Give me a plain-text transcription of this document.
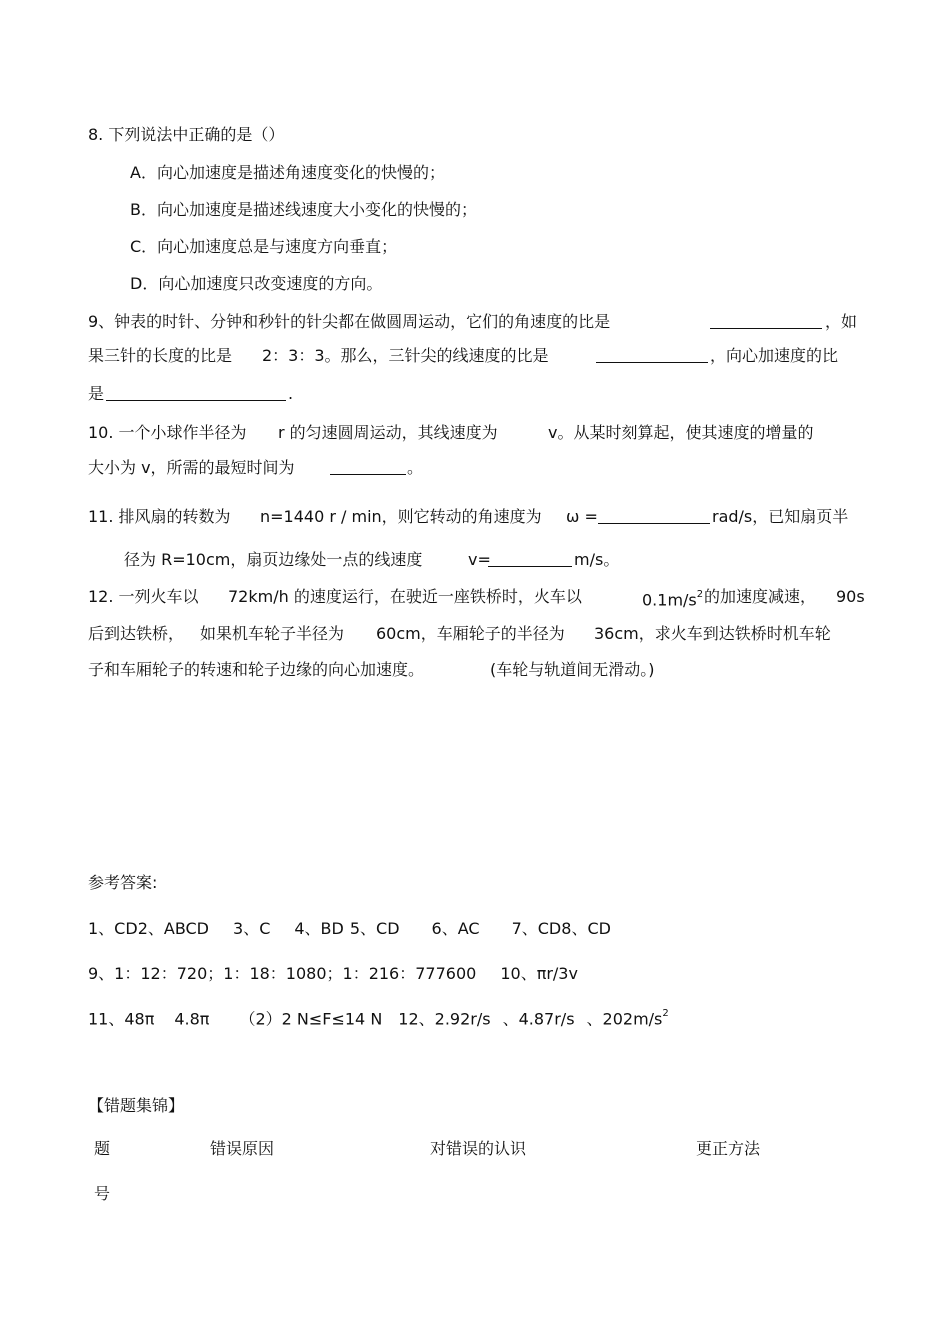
8. 下列说法中正确的是（）
A．向心加速度是描述角速度变化的快慢的；
B．向心加速度是描述线速度大小变化的快慢的；
C．向心加速度总是与速度方向垂直；
D．向心加速度只改变速度的方向。
9、钟表的时针、分钟和秒针的针尖都在做圆周运动，它们的角速度的比是	，如
果三针的长度的比是 2：3：3。那么，三针尖的线速度的比是	，向心加速度的比
是	.
10. 一个小球作半径为 r 的匀速圆周运动，其线速度为	v。从某时刻算起，使其速度的增量的
大小为 v，所需的最短时间为	。
11. 排风扇的转数为 n=1440 r / min，则它转动的角速度为 ω =	rad/s，已知扇页半
径为 R=10cm，扇页边缘处一点的线速度	v=	m/s。
12. 一列火车以 72km/h 的速度运行，在驶近一座铁桥时，火车以	$0.1m/s^2$ 的加速度减速， 90s
后到达铁桥， 如果机车轮子半径为 60cm，车厢轮子的半径为 36cm，求火车到达铁桥时机车轮
子和车厢轮子的转速和轮子边缘的向心加速度。	(车轮与轨道间无滑动。)
参考答案:
1、CD2、ABCD 3、C 4、BD 5、CD 6、AC 7、CD8、CD
9、1：12：720；1：18：1080；1：216：777600 10、πr/3v
11、48π 4.8π （2）2 N≤F≤14 N 12、2.92r/s 、4.87r/s 、$202m/s^2$
【错题集锦】
题	错误原因	对错误的认识	更正方法
号
